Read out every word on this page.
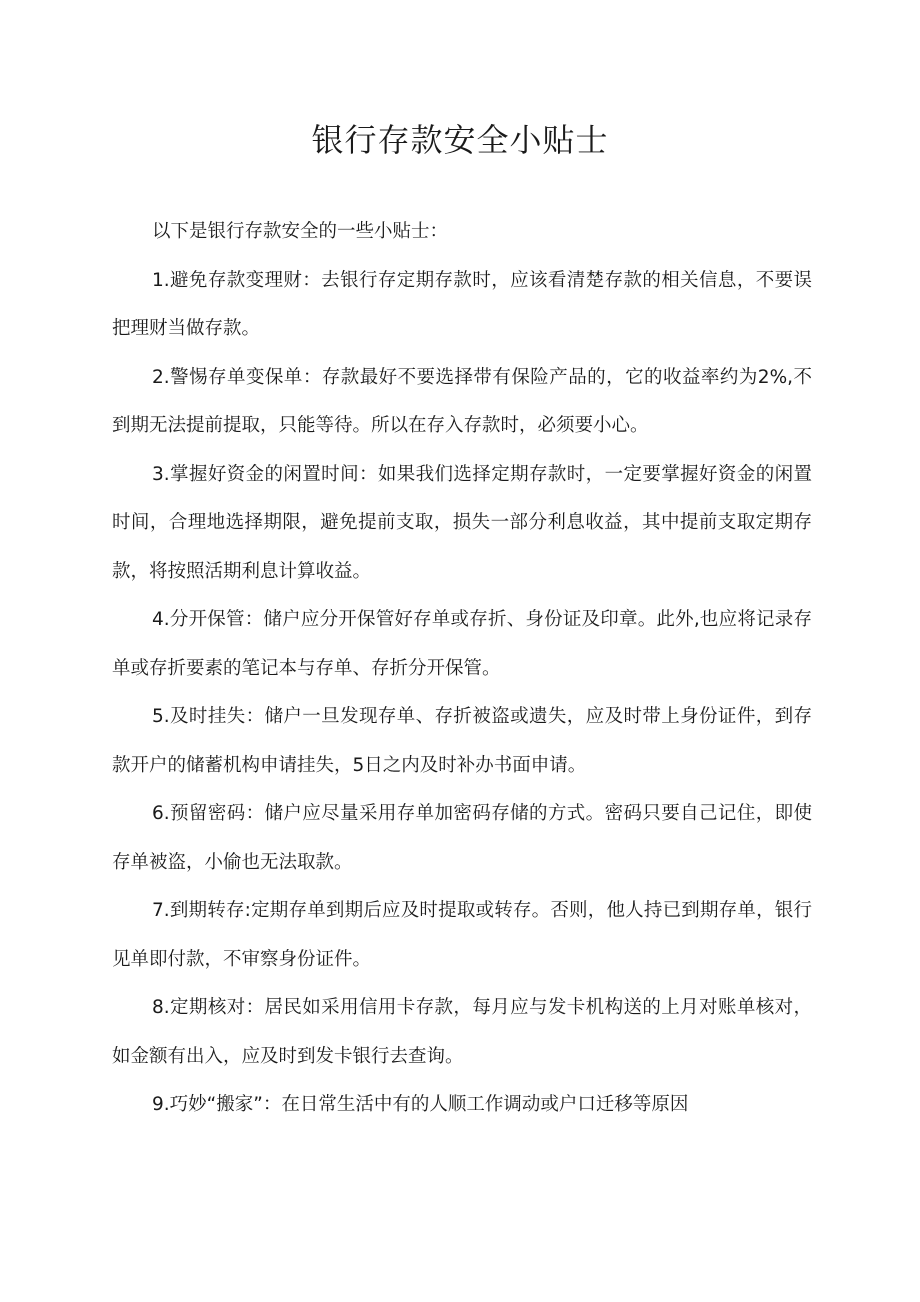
银行存款安全小贴士

以下是银行存款安全的一些小贴士：

1.避免存款变理财：去银行存定期存款时，应该看清楚存款的相关信息，不要误把理财当做存款。

2.警惕存单变保单：存款最好不要选择带有保险产品的，它的收益率约为2%,不到期无法提前提取，只能等待。所以在存入存款时，必须要小心。

3.掌握好资金的闲置时间：如果我们选择定期存款时，一定要掌握好资金的闲置时间，合理地选择期限，避免提前支取，损失一部分利息收益，其中提前支取定期存款，将按照活期利息计算收益。

4.分开保管：储户应分开保管好存单或存折、身份证及印章。此外,也应将记录存单或存折要素的笔记本与存单、存折分开保管。

5.及时挂失：储户一旦发现存单、存折被盗或遗失，应及时带上身份证件，到存款开户的储蓄机构申请挂失，5日之内及时补办书面申请。

6.预留密码：储户应尽量采用存单加密码存储的方式。密码只要自己记住，即使存单被盗，小偷也无法取款。

7.到期转存:定期存单到期后应及时提取或转存。否则，他人持已到期存单，银行见单即付款，不审察身份证件。

8.定期核对：居民如采用信用卡存款，每月应与发卡机构送的上月对账单核对，如金额有出入，应及时到发卡银行去查询。

9.巧妙“搬家”：在日常生活中有的人顺工作调动或户口迁移等原因
